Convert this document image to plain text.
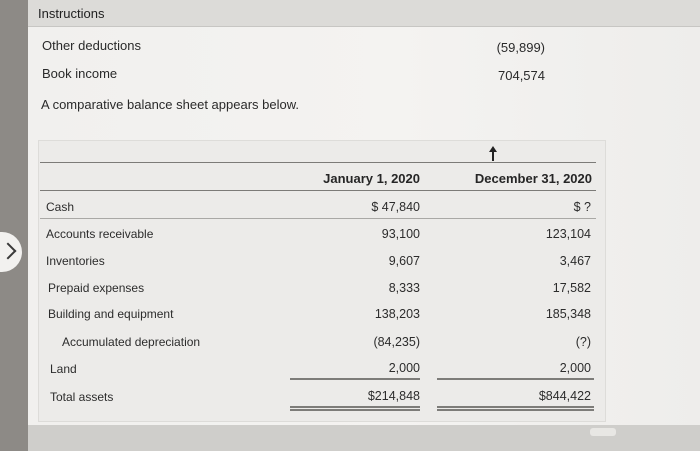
Instructions
Other deductions	(59,899)
Book income	704,574
A comparative balance sheet appears below.
January 1, 2020	December 31, 2020
Cash	$ 47,840	$ ?
Accounts receivable	93,100	123,104
Inventories	9,607	3,467
Prepaid expenses	8,333	17,582
Building and equipment	138,203	185,348
Accumulated depreciation	(84,235)	(?)
Land	2,000	2,000
Total assets	$214,848	$844,422
